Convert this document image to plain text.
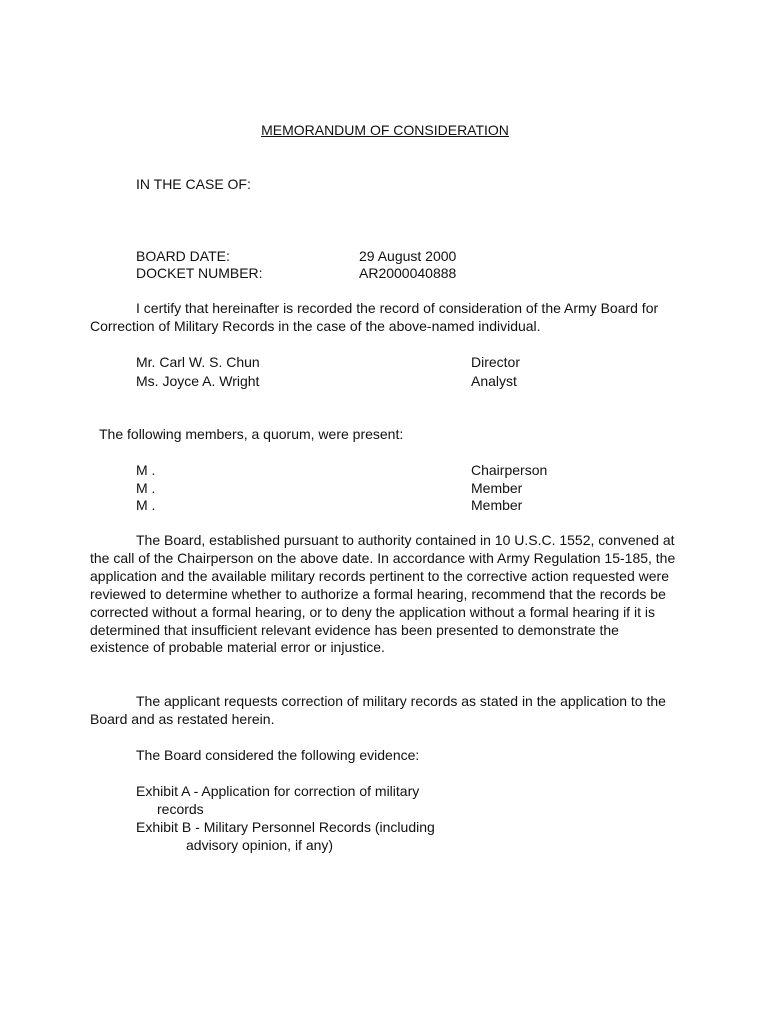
MEMORANDUM OF CONSIDERATION
IN THE CASE OF:
BOARD DATE:	29 August 2000
DOCKET NUMBER:	AR2000040888
I certify that hereinafter is recorded the record of consideration of the Army Board for Correction of Military Records in the case of the above-named individual.
Mr. Carl W. S. Chun	Director
Ms. Joyce A. Wright	Analyst
The following members, a quorum, were present:
M .	Chairperson
M .	Member
M .	Member
The Board, established pursuant to authority contained in 10 U.S.C. 1552, convened at the call of the Chairperson on the above date. In accordance with Army Regulation 15-185, the application and the available military records pertinent to the corrective action requested were reviewed to determine whether to authorize a formal hearing, recommend that the records be corrected without a formal hearing, or to deny the application without a formal hearing if it is determined that insufficient relevant evidence has been presented to demonstrate the existence of probable material error or injustice.
The applicant requests correction of military records as stated in the application to the Board and as restated herein.
The Board considered the following evidence:
Exhibit A - Application for correction of military
records
Exhibit B - Military Personnel Records (including
advisory opinion, if any)
